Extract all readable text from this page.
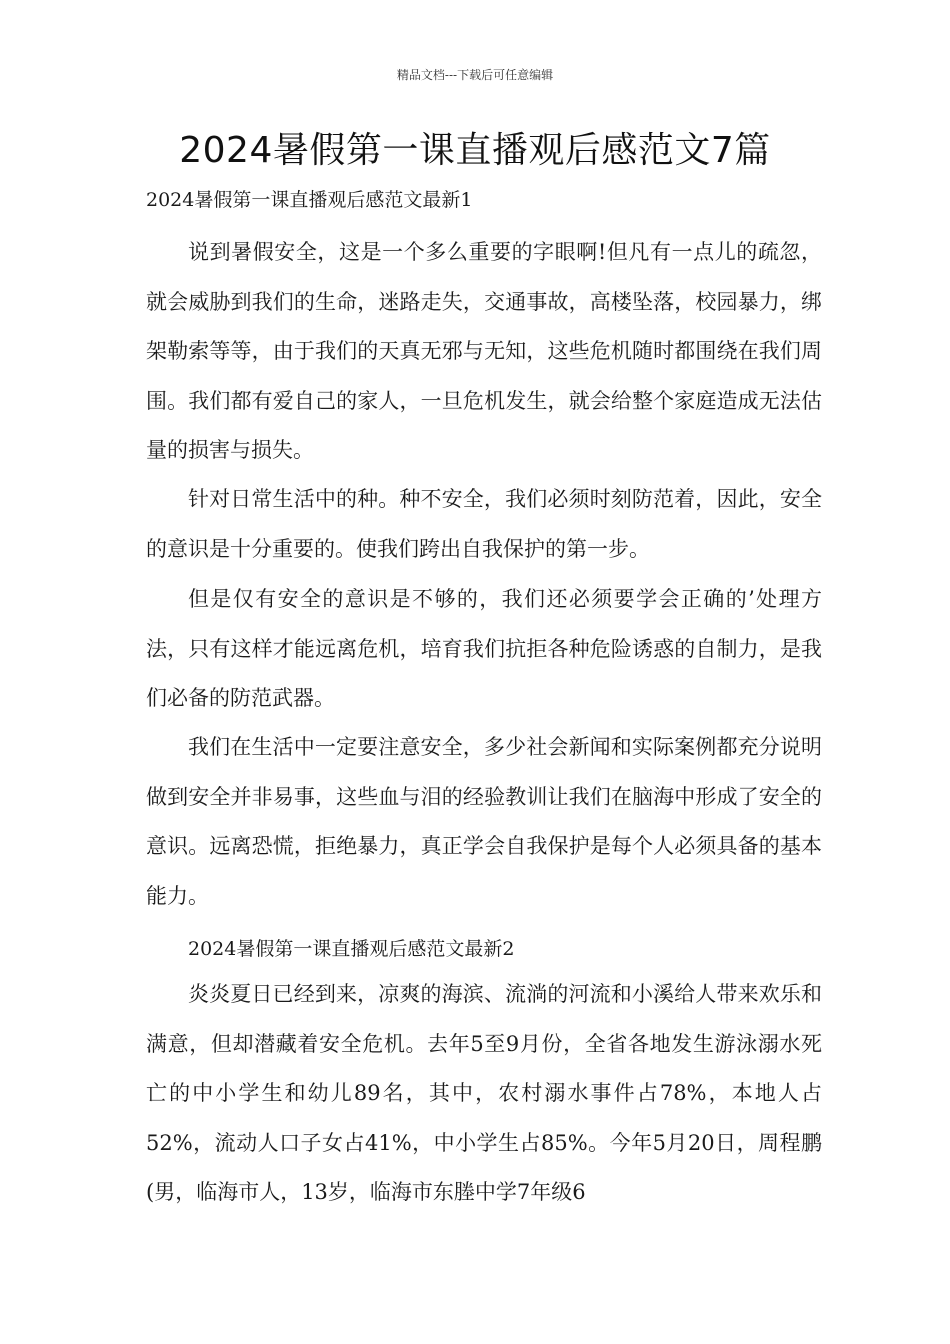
精品文档---下载后可任意编辑
2024暑假第一课直播观后感范文7篇
2024暑假第一课直播观后感范文最新1

说到暑假安全，这是一个多么重要的字眼啊!但凡有一点儿的疏忽，就会威胁到我们的生命，迷路走失，交通事故，高楼坠落，校园暴力，绑架勒索等等，由于我们的天真无邪与无知，这些危机随时都围绕在我们周围。我们都有爱自己的家人，一旦危机发生，就会给整个家庭造成无法估量的损害与损失。

针对日常生活中的种。种不安全，我们必须时刻防范着，因此，安全的意识是十分重要的。使我们跨出自我保护的第一步。

但是仅有安全的意识是不够的，我们还必须要学会正确的’处理方法，只有这样才能远离危机，培育我们抗拒各种危险诱惑的自制力，是我们必备的防范武器。

我们在生活中一定要注意安全，多少社会新闻和实际案例都充分说明做到安全并非易事，这些血与泪的经验教训让我们在脑海中形成了安全的意识。远离恐慌，拒绝暴力，真正学会自我保护是每个人必须具备的基本能力。

2024暑假第一课直播观后感范文最新2

炎炎夏日已经到来，凉爽的海滨、流淌的河流和小溪给人带来欢乐和满意，但却潜藏着安全危机。去年5至9月份，全省各地发生游泳溺水死亡的中小学生和幼儿89名，其中，农村溺水事件占78%，本地人占52%，流动人口子女占41%，中小学生占85%。今年5月20日，周程鹏(男，临海市人，13岁，临海市东塍中学7年级6
